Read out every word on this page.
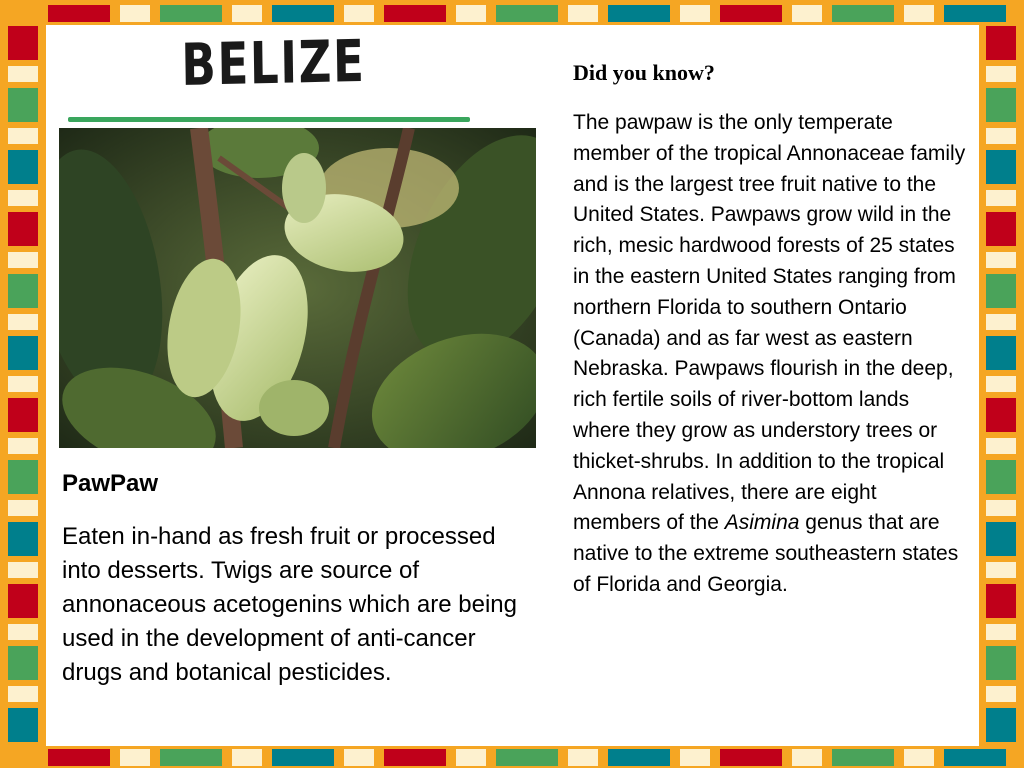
BELIZE
PawPaw
Eaten in-hand as fresh fruit or processed into desserts. Twigs are source of annonaceous acetogenins which are being used in the development of anti-cancer drugs and botanical pesticides.
Did you know?
The pawpaw is the only temperate member of the tropical Annonaceae family and is the largest tree fruit native to the United States. Pawpaws grow wild in the rich, mesic hardwood forests of 25 states in the eastern United States ranging from northern Florida to southern Ontario (Canada) and as far west as eastern Nebraska. Pawpaws flourish in the deep, rich fertile soils of river-bottom lands where they grow as understory trees or thicket-shrubs. In addition to the tropical Annona relatives, there are eight members of the Asimina genus that are native to the extreme southeastern states of Florida and Georgia.
